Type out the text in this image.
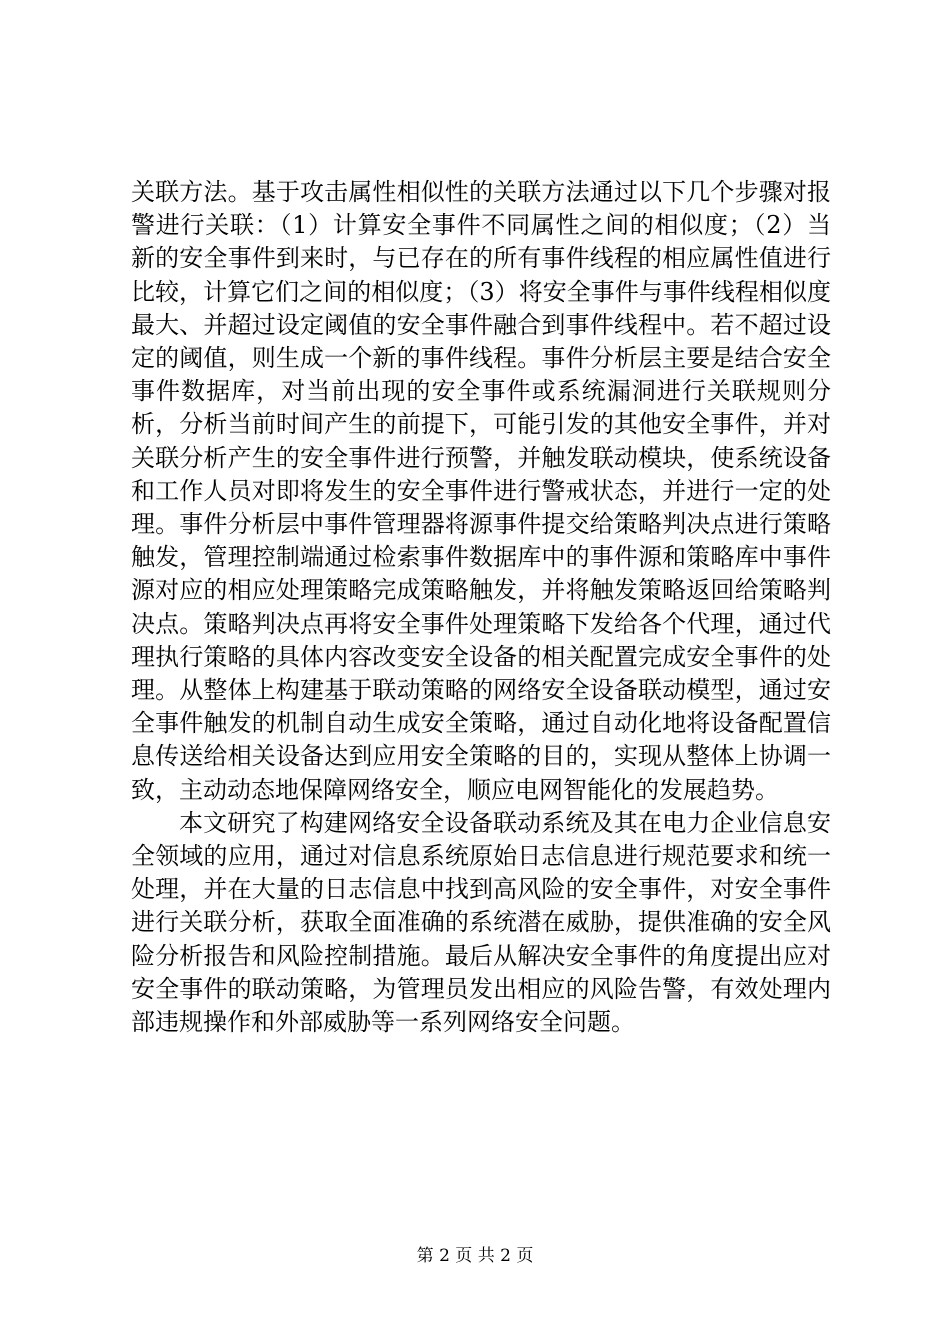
关联方法。基于攻击属性相似性的关联方法通过以下几个步骤对报警进行关联：（1）计算安全事件不同属性之间的相似度；（2）当新的安全事件到来时，与已存在的所有事件线程的相应属性值进行比较，计算它们之间的相似度；（3）将安全事件与事件线程相似度最大、并超过设定阈值的安全事件融合到事件线程中。若不超过设定的阈值，则生成一个新的事件线程。事件分析层主要是结合安全事件数据库，对当前出现的安全事件或系统漏洞进行关联规则分析，分析当前时间产生的前提下，可能引发的其他安全事件，并对关联分析产生的安全事件进行预警，并触发联动模块，使系统设备和工作人员对即将发生的安全事件进行警戒状态，并进行一定的处理。事件分析层中事件管理器将源事件提交给策略判决点进行策略触发，管理控制端通过检索事件数据库中的事件源和策略库中事件源对应的相应处理策略完成策略触发，并将触发策略返回给策略判决点。策略判决点再将安全事件处理策略下发给各个代理，通过代理执行策略的具体内容改变安全设备的相关配置完成安全事件的处理。从整体上构建基于联动策略的网络安全设备联动模型，通过安全事件触发的机制自动生成安全策略，通过自动化地将设备配置信息传送给相关设备达到应用安全策略的目的，实现从整体上协调一致，主动动态地保障网络安全，顺应电网智能化的发展趋势。

本文研究了构建网络安全设备联动系统及其在电力企业信息安全领域的应用，通过对信息系统原始日志信息进行规范要求和统一处理，并在大量的日志信息中找到高风险的安全事件，对安全事件进行关联分析，获取全面准确的系统潜在威胁，提供准确的安全风险分析报告和风险控制措施。最后从解决安全事件的角度提出应对安全事件的联动策略，为管理员发出相应的风险告警，有效处理内部违规操作和外部威胁等一系列网络安全问题。

第 2 页 共 2 页
